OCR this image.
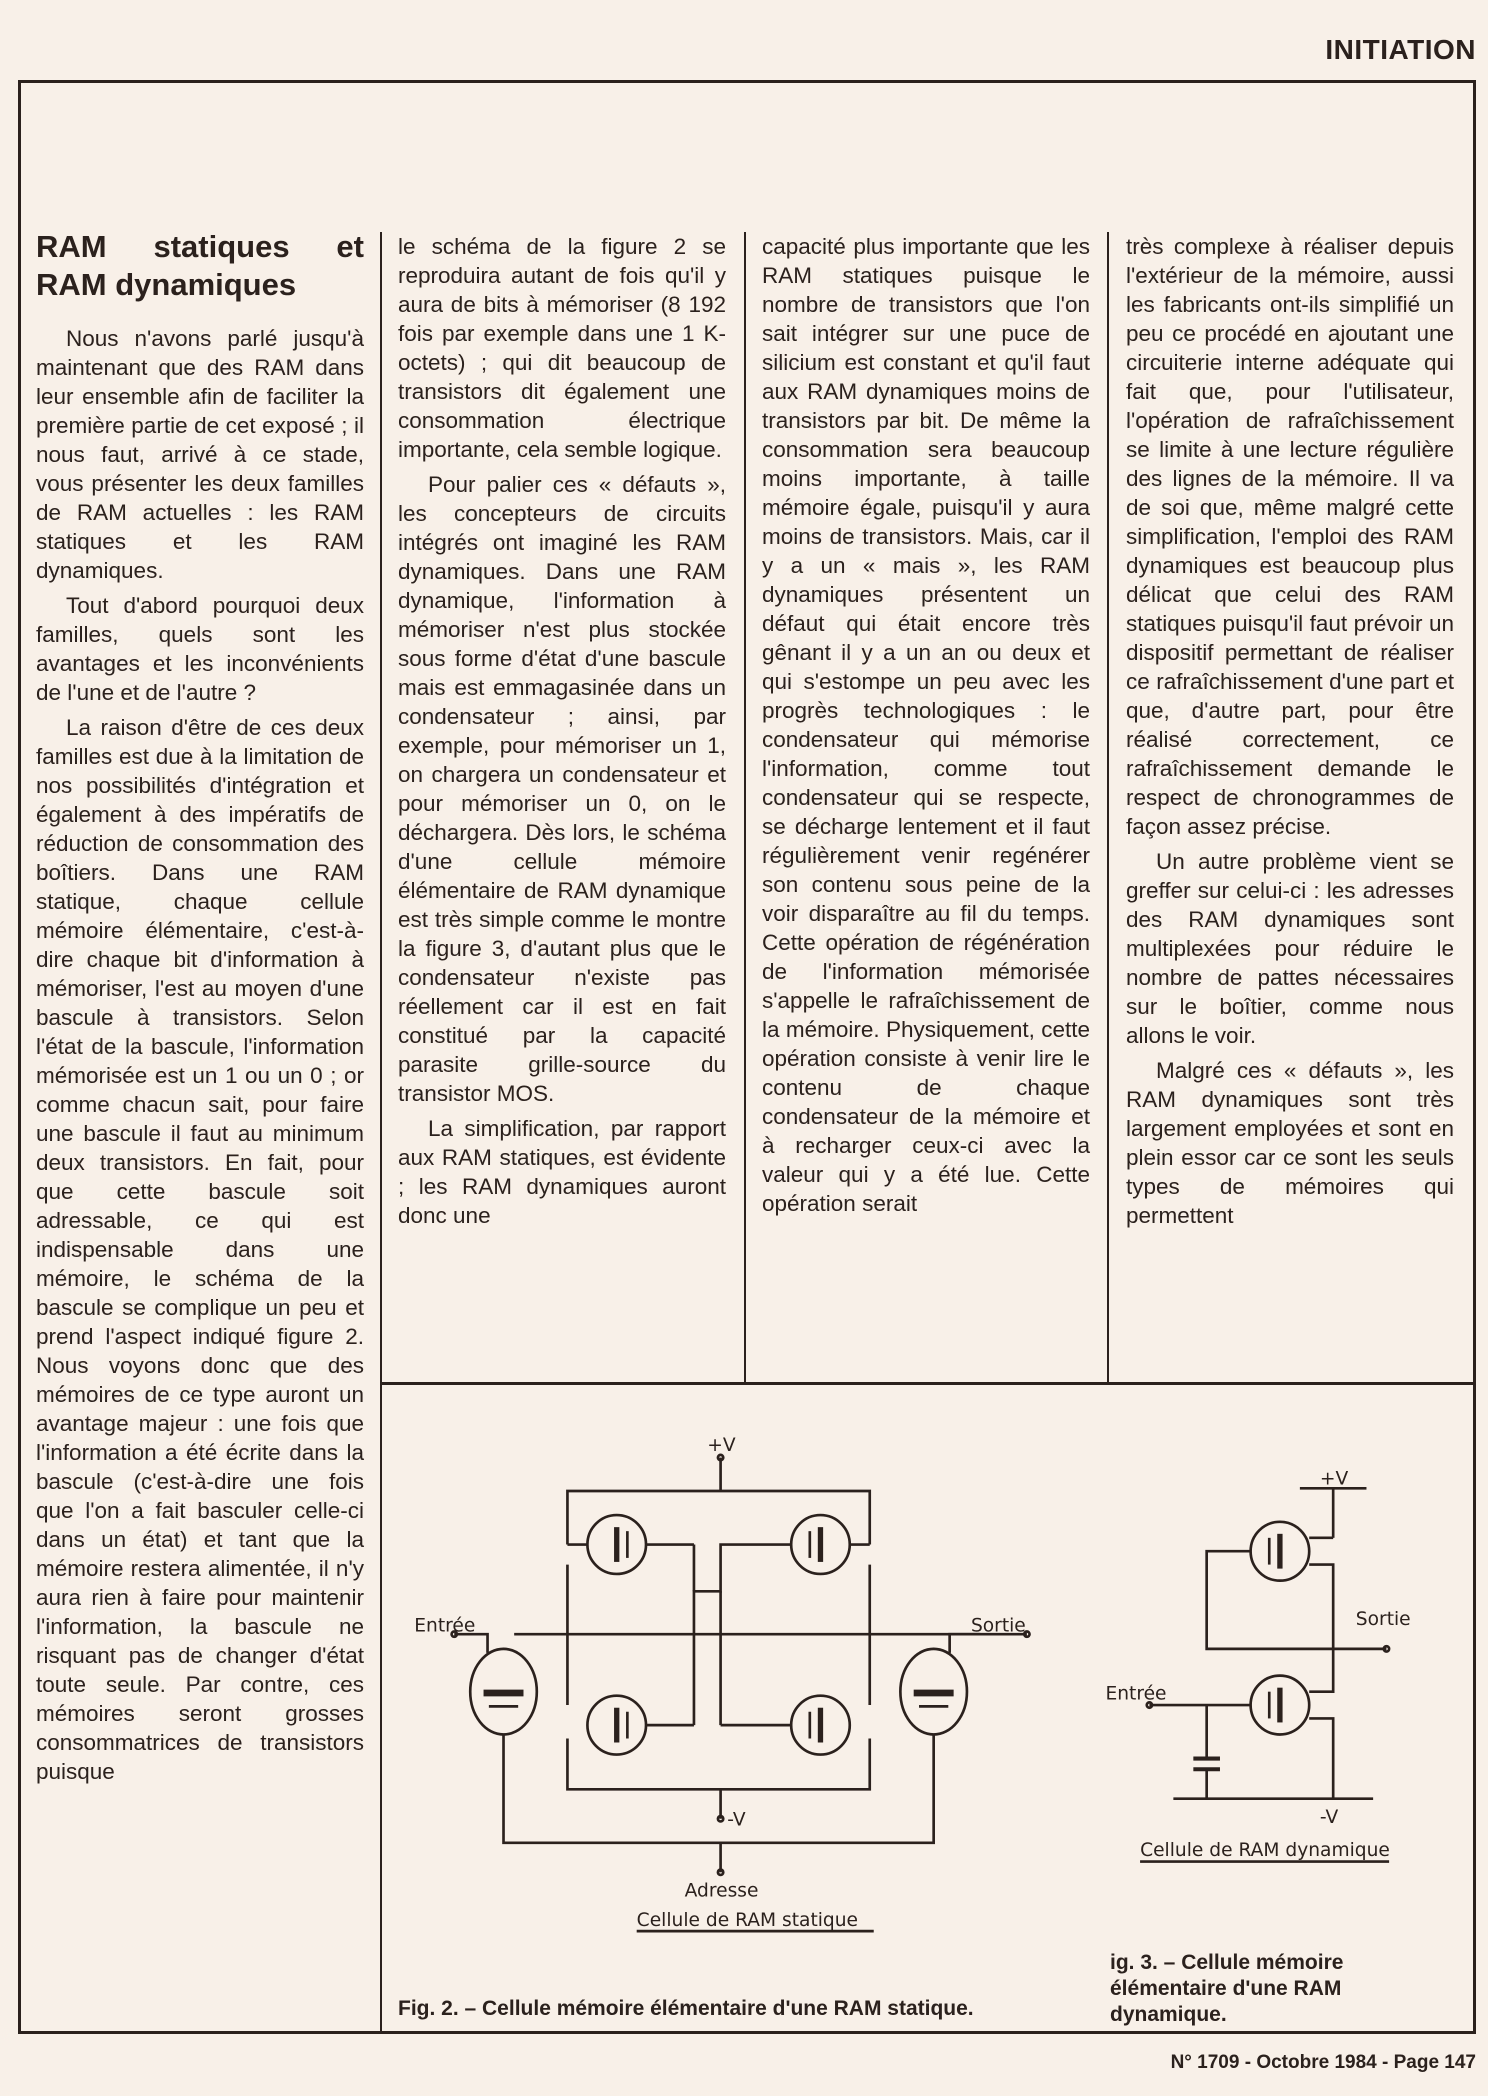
INITIATION
RAM statiques et RAM dynamiques

Nous n'avons parlé jusqu'à maintenant que des RAM dans leur ensemble afin de faciliter la première partie de cet exposé ; il nous faut, arrivé à ce stade, vous présenter les deux familles de RAM actuelles : les RAM statiques et les RAM dynamiques.

Tout d'abord pourquoi deux familles, quels sont les avantages et les inconvénients de l'une et de l'autre ?

La raison d'être de ces deux familles est due à la limitation de nos possibilités d'intégration et également à des impératifs de réduction de consommation des boîtiers. Dans une RAM statique, chaque cellule mémoire élémentaire, c'est-à-dire chaque bit d'information à mémoriser, l'est au moyen d'une bascule à transistors. Selon l'état de la bascule, l'information mémorisée est un 1 ou un 0 ; or comme chacun sait, pour faire une bascule il faut au minimum deux transistors. En fait, pour que cette bascule soit adressable, ce qui est indispensable dans une mémoire, le schéma de la bascule se complique un peu et prend l'aspect indiqué figure 2. Nous voyons donc que des mémoires de ce type auront un avantage majeur : une fois que l'information a été écrite dans la bascule (c'est-à-dire une fois que l'on a fait basculer celle-ci dans un état) et tant que la mémoire restera alimentée, il n'y aura rien à faire pour maintenir l'information, la bascule ne risquant pas de changer d'état toute seule. Par contre, ces mémoires seront grosses consommatrices de transistors puisque

le schéma de la figure 2 se reproduira autant de fois qu'il y aura de bits à mémoriser (8 192 fois par exemple dans une 1 K-octets) ; qui dit beaucoup de transistors dit également une consommation électrique importante, cela semble logique.

Pour palier ces « défauts », les concepteurs de circuits intégrés ont imaginé les RAM dynamiques. Dans une RAM dynamique, l'information à mémoriser n'est plus stockée sous forme d'état d'une bascule mais est emmagasinée dans un condensateur ; ainsi, par exemple, pour mémoriser un 1, on chargera un condensateur et pour mémoriser un 0, on le déchargera. Dès lors, le schéma d'une cellule mémoire élémentaire de RAM dynamique est très simple comme le montre la figure 3, d'autant plus que le condensateur n'existe pas réellement car il est en fait constitué par la capacité parasite grille-source du transistor MOS.

La simplification, par rapport aux RAM statiques, est évidente ; les RAM dynamiques auront donc une

capacité plus importante que les RAM statiques puisque le nombre de transistors que l'on sait intégrer sur une puce de silicium est constant et qu'il faut aux RAM dynamiques moins de transistors par bit. De même la consommation sera beaucoup moins importante, à taille mémoire égale, puisqu'il y aura moins de transistors. Mais, car il y a un « mais », les RAM dynamiques présentent un défaut qui était encore très gênant il y a un an ou deux et qui s'estompe un peu avec les progrès technologiques : le condensateur qui mémorise l'information, comme tout condensateur qui se respecte, se décharge lentement et il faut régulièrement venir regénérer son contenu sous peine de la voir disparaître au fil du temps. Cette opération de régénération de l'information mémorisée s'appelle le rafraîchissement de la mémoire. Physiquement, cette opération consiste à venir lire le contenu de chaque condensateur de la mémoire et à recharger ceux-ci avec la valeur qui y a été lue. Cette opération serait

très complexe à réaliser depuis l'extérieur de la mémoire, aussi les fabricants ont-ils simplifié un peu ce procédé en ajoutant une circuiterie interne adéquate qui fait que, pour l'utilisateur, l'opération de rafraîchissement se limite à une lecture régulière des lignes de la mémoire. Il va de soi que, même malgré cette simplification, l'emploi des RAM dynamiques est beaucoup plus délicat que celui des RAM statiques puisqu'il faut prévoir un dispositif permettant de réaliser ce rafraîchissement d'une part et que, d'autre part, pour être réalisé correctement, ce rafraîchissement demande le respect de chronogrammes de façon assez précise.

Un autre problème vient se greffer sur celui-ci : les adresses des RAM dynamiques sont multiplexées pour réduire le nombre de pattes nécessaires sur le boîtier, comme nous allons le voir.

Malgré ces « défauts », les RAM dynamiques sont très largement employées et sont en plein essor car ce sont les seuls types de mémoires qui permettent

+V
Entrée	Sortie
-V
Adresse
Cellule de RAM statique
+V
Sortie
Entrée
-V
Cellule de RAM dynamique
Fig. 2. – Cellule mémoire élémentaire d'une RAM statique.
ig. 3. – Cellule mémoire élémentaire d'une RAM dynamique.
N° 1709 - Octobre 1984 - Page 147
